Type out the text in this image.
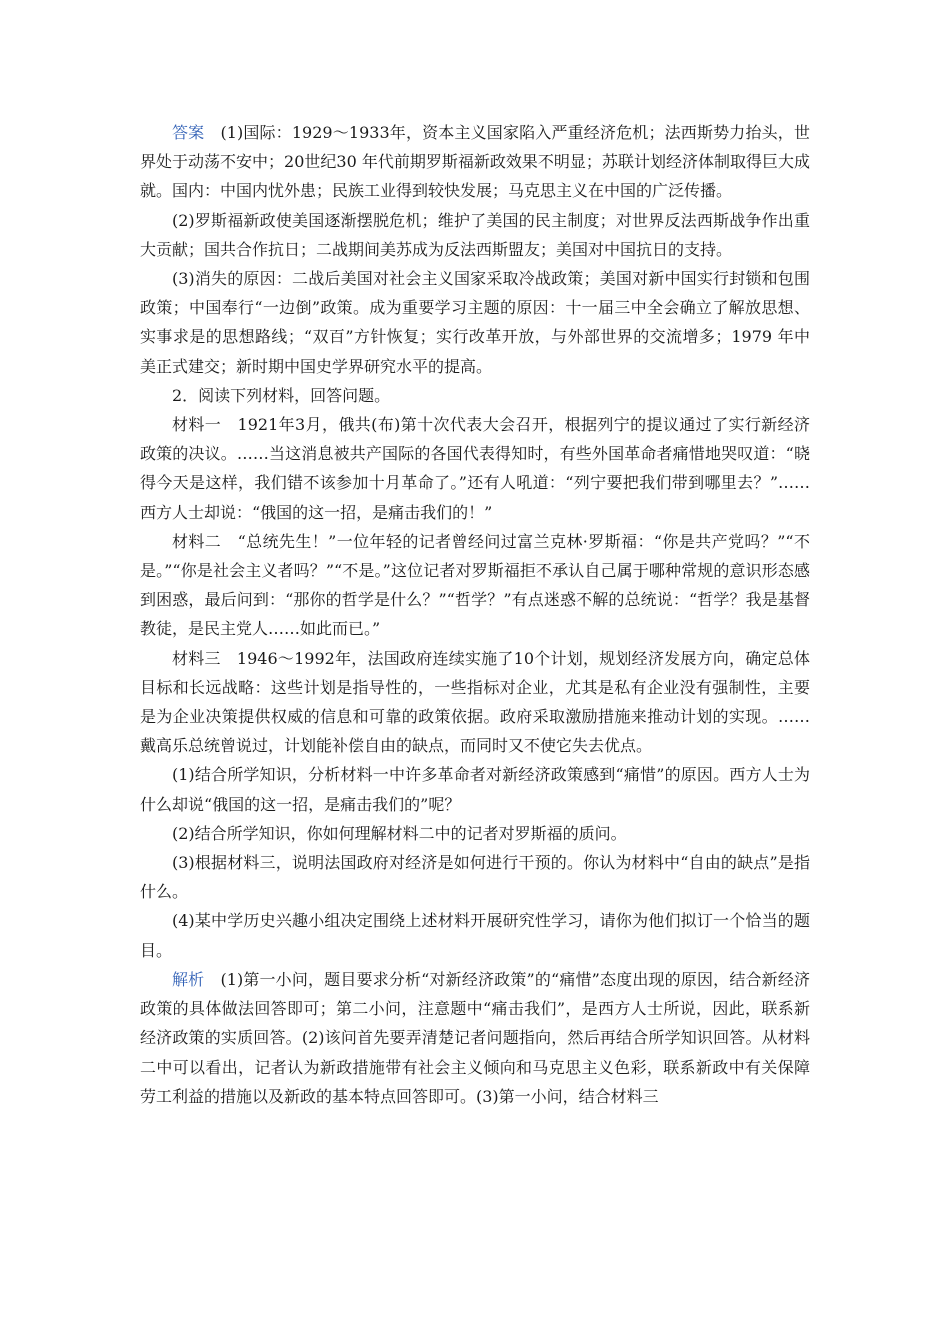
答案　 (1)国际：1929～1933年，资本主义国家陷入严重经济危机；法西斯势力抬头，世界处于动荡不安中；20世纪30 年代前期罗斯福新政效果不明显；苏联计划经济体制取得巨大成就。国内：中国内忧外患；民族工业得到较快发展；马克思主义在中国的广泛传播。

(2)罗斯福新政使美国逐渐摆脱危机；维护了美国的民主制度；对世界反法西斯战争作出重大贡献；国共合作抗日；二战期间美苏成为反法西斯盟友；美国对中国抗日的支持。

(3)消失的原因：二战后美国对社会主义国家采取冷战政策；美国对新中国实行封锁和包围政策；中国奉行“一边倒”政策。成为重要学习主题的原因：十一届三中全会确立了解放思想、实事求是的思想路线；“双百”方针恢复；实行改革开放，与外部世界的交流增多；1979 年中美正式建交；新时期中国史学界研究水平的提高。

2．阅读下列材料，回答问题。

材料一　1921年3月，俄共(布)第十次代表大会召开，根据列宁的提议通过了实行新经济政策的决议。……当这消息被共产国际的各国代表得知时，有些外国革命者痛惜地哭叹道：“晓得今天是这样，我们错不该参加十月革命了。”还有人吼道：“列宁要把我们带到哪里去？”……西方人士却说：“俄国的这一招，是痛击我们的！”

材料二　“总统先生！”一位年轻的记者曾经问过富兰克林·罗斯福：“你是共产党吗？”“不是。”“你是社会主义者吗？”“不是。”这位记者对罗斯福拒不承认自己属于哪种常规的意识形态感到困惑，最后问到：“那你的哲学是什么？”“哲学？”有点迷惑不解的总统说：“哲学？我是基督教徒，是民主党人……如此而已。”

材料三　1946～1992年，法国政府连续实施了10个计划，规划经济发展方向，确定总体目标和长远战略：这些计划是指导性的，一些指标对企业，尤其是私有企业没有强制性，主要是为企业决策提供权威的信息和可靠的政策依据。政府采取激励措施来推动计划的实现。……戴高乐总统曾说过，计划能补偿自由的缺点，而同时又不使它失去优点。

(1)结合所学知识，分析材料一中许多革命者对新经济政策感到“痛惜”的原因。西方人士为什么却说“俄国的这一招，是痛击我们的”呢？

(2)结合所学知识，你如何理解材料二中的记者对罗斯福的质问。

(3)根据材料三，说明法国政府对经济是如何进行干预的。你认为材料中“自由的缺点”是指什么。

(4)某中学历史兴趣小组决定围绕上述材料开展研究性学习，请你为他们拟订一个恰当的题目。

解析　 (1)第一小问，题目要求分析“对新经济政策”的“痛惜”态度出现的原因，结合新经济政策的具体做法回答即可；第二小问，注意题中“痛击我们”，是西方人士所说，因此，联系新经济政策的实质回答。(2)该问首先要弄清楚记者问题指向，然后再结合所学知识回答。从材料二中可以看出，记者认为新政措施带有社会主义倾向和马克思主义色彩，联系新政中有关保障劳工利益的措施以及新政的基本特点回答即可。(3)第一小问，结合材料三
